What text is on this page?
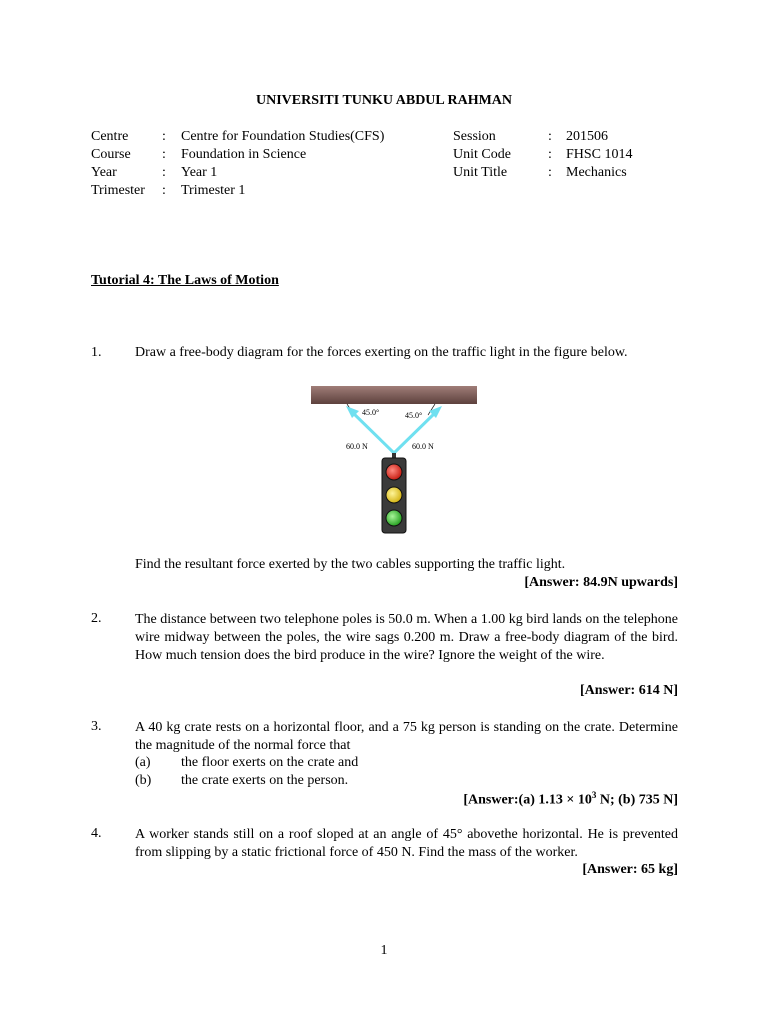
UNIVERSITI TUNKU ABDUL RAHMAN
Centre : Centre for Foundation Studies(CFS)
Course : Foundation in Science
Year	: Year 1
Trimester : Trimester 1
Session	: 201506
Unit Code	: FHSC 1014
Unit Title	: Mechanics
Tutorial 4: The Laws of Motion
1. Draw a free-body diagram for the forces exerting on the traffic light in the figure below.
45.0°	45.0°
60.0 N	60.0 N
Find the resultant force exerted by the two cables supporting the traffic light.
[Answer: 84.9N upwards]
2. The distance between two telephone poles is 50.0 m. When a 1.00 kg bird lands on the telephone wire midway between the poles, the wire sags 0.200 m. Draw a free-body diagram of the bird. How much tension does the bird produce in the wire? Ignore the weight of the wire.
[Answer: 614 N]
3. A 40 kg crate rests on a horizontal floor, and a 75 kg person is standing on the crate. Determine the magnitude of the normal force that
(a) the floor exerts on the crate and
(b) the crate exerts on the person.
[Answer:(a) $1.13 \times 10^3$ N; (b) 735 N]
4. A worker stands still on a roof sloped at an angle of 45° abovethe horizontal. He is prevented from slipping by a static frictional force of 450 N. Find the mass of the worker.
[Answer: 65 kg]
1
